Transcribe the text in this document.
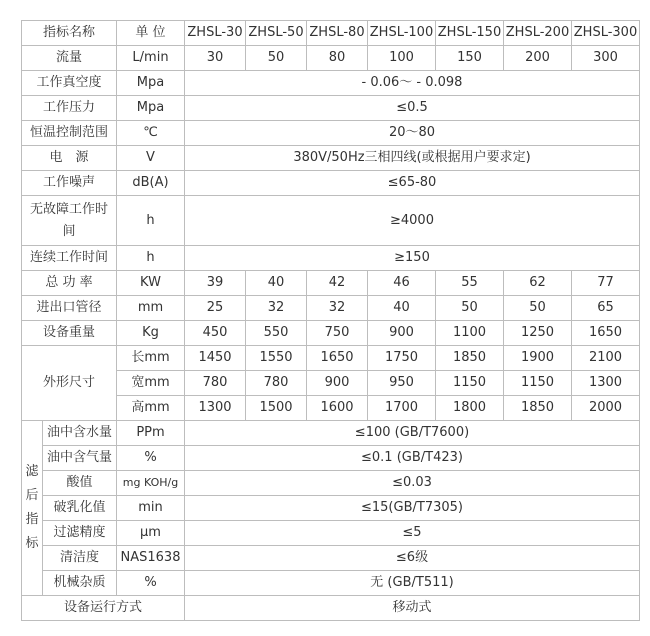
指标名称		单 位	ZHSL-30	ZHSL-50	ZHSL-80	ZHSL-100	ZHSL-150	ZHSL-200	ZHSL-300
流量		L/min	30	50	80	100	150	200	300
工作真空度		Mpa	- 0.06～ - 0.098						
工作压力		Mpa	≤0.5						
恒温控制范围		℃	20～80						
电　源		V	380V/50Hz三相四线(或根据用户要求定)						
工作噪声		dB(A)	≤65-80						
无故障工作时间		h	≥4000						
连续工作时间		h	≥150						
总 功 率		KW	39	40	42	46	55	62	77
进出口管径		mm	25	32	32	40	50	50	65
设备重量		Kg	450	550	750	900	1100	1250	1650
外形尺寸		长mm	1450	1550	1650	1750	1850	1900	2100
		宽mm	780	780	900	950	1150	1150	1300
		高mm	1300	1500	1600	1700	1800	1850	2000

滤
后
指
标	油中含水量	PPm	≤100 (GB/T7600)						
	油中含气量	%	≤0.1 (GB/T423)						
	酸值	mg KOH/g	≤0.03						
	破乳化值	min	≤15(GB/T7305)						
	过滤精度	μm	≤5						
	清洁度	NAS1638	≤6级						
	机械杂质	%	无 (GB/T511)						
设备运行方式			移动式						
